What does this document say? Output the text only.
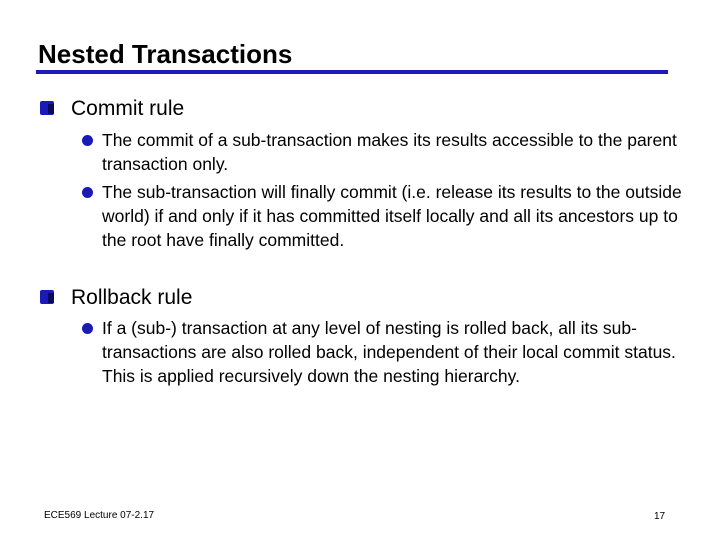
Nested Transactions
Commit rule
The commit of a sub-transaction makes its results accessible to the parent transaction only.
The sub-transaction will finally commit (i.e. release its results to the outside world) if and only if it has committed itself locally and all its ancestors up to the root have finally committed.
Rollback rule
If a (sub-) transaction at any level of nesting is rolled back, all its sub-transactions are also rolled back, independent of their local commit status. This is applied recursively down the nesting hierarchy.
ECE569 Lecture 07-2.17	17
